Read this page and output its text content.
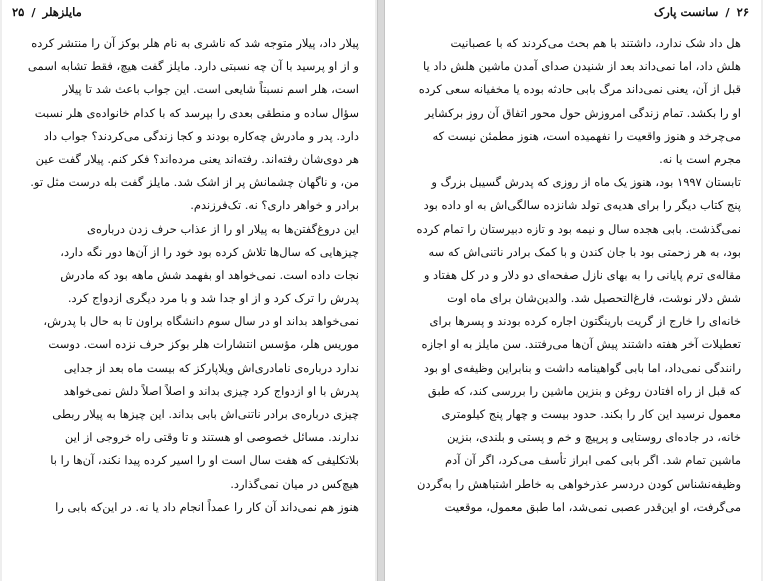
مایلزهلر / ۲۵
پیلار داد، پیلار متوجه شد که ناشری به نام هلر بوکز آن را منتشر کرده
و از او پرسید با آن چه نسبتی دارد. مایلز گفت هیچ، فقط تشابه اسمی
است، هلر اسم نسبتاً شایعی است. این جواب باعث شد تا پیلار
سؤال ساده و منطقی بعدی را بپرسد که با کدام خانواده‌ی هلر نسبت
دارد. پدر و مادرش چه‌کاره بودند و کجا زندگی می‌کردند؟ جواب داد
هر دوی‌شان رفته‌اند. رفته‌اند یعنی مرده‌اند؟ فکر کنم. پیلار گفت عین
من، و ناگهان چشمانش پر از اشک شد. مایلز گفت بله درست مثل تو.
برادر و خواهر داری؟ نه. تک‌فرزندم.
این دروغ‌گفتن‌ها به پیلار او را از عذاب حرف زدن درباره‌ی
چیزهایی که سال‌ها تلاش کرده بود خود را از آن‌ها دور نگه دارد،
نجات داده است. نمی‌خواهد او بفهمد شش ماهه بود که مادرش
پدرش را ترک کرد و از او جدا شد و با مرد دیگری ازدواج کرد.
نمی‌خواهد بداند او در سال سوم دانشگاه براون تا به حال با پدرش،
موریس هلر، مؤسس انتشارات هلر بوکز حرف نزده است. دوست
ندارد درباره‌ی نامادری‌اش ویلاپارکز که بیست ماه بعد از جدایی
پدرش با او ازدواج کرد چیزی بداند و اصلاً اصلاً دلش نمی‌خواهد
چیزی درباره‌ی برادر ناتنی‌اش بابی بداند. این چیزها به پیلار ربطی
ندارند. مسائل خصوصی او هستند و تا وقتی راه خروجی از این
بلاتکلیفی که هفت سال است او را اسیر کرده پیدا نکند، آن‌ها را با
هیچ‌کس در میان نمی‌گذارد.
هنوز هم نمی‌داند آن کار را عمداً انجام داد یا نه. در این‌که بابی را
۲۶ / سانست پارک
هل داد شک ندارد، داشتند با هم بحث می‌کردند که با عصبانیت
هلش داد، اما نمی‌داند بعد از شنیدن صدای آمدن ماشین هلش داد یا
قبل از آن، یعنی نمی‌داند مرگ بابی حادثه بوده یا مخفیانه سعی کرده
او را بکشد. تمام زندگی امروزش حول محور اتفاق آن روز برکشایر
می‌چرخد و هنوز واقعیت را نفهمیده است، هنوز مطمئن نیست که
مجرم است یا نه.
تابستان ۱۹۹۷ بود، هنوز یک ماه از روزی که پدرش گسیبل بزرگ و
پنج کتاب دیگر را برای هدیه‌ی تولد شانزده سالگی‌اش به او داده بود
نمی‌گذشت. بابی هجده سال و نیمه بود و تازه دبیرستان را تمام کرده
بود، به هر زحمتی بود با جان کندن و با کمک برادر ناتنی‌اش که سه
مقاله‌ی ترم پایانی را به بهای نازل صفحه‌ای دو دلار و در کل هفتاد و
شش دلار نوشت، فارغ‌التحصیل شد. والدین‌شان برای ماه اوت
خانه‌ای را خارج از گریت بارینگتون اجاره کرده بودند و پسرها برای
تعطیلات آخر هفته داشتند پیش آن‌ها می‌رفتند. سن مایلز به او اجازه
رانندگی نمی‌داد، اما بابی گواهینامه داشت و بنابراین وظیفه‌ی او بود
که قبل از راه افتادن روغن و بنزین ماشین را بررسی کند، که طبق
معمول نرسید این کار را بکند. حدود بیست و چهار پنج کیلومتری
خانه، در جاده‌ای روستایی و پرپیچ و خم و پستی و بلندی، بنزین
ماشین تمام شد. اگر بابی کمی ابراز تأسف می‌کرد، اگر آن آدم
وظیفه‌نشناس کودن دردسر عذرخواهی به خاطر اشتباهش را به‌گردن
می‌گرفت، او این‌قدر عصبی نمی‌شد، اما طبق معمول، موقعیت
